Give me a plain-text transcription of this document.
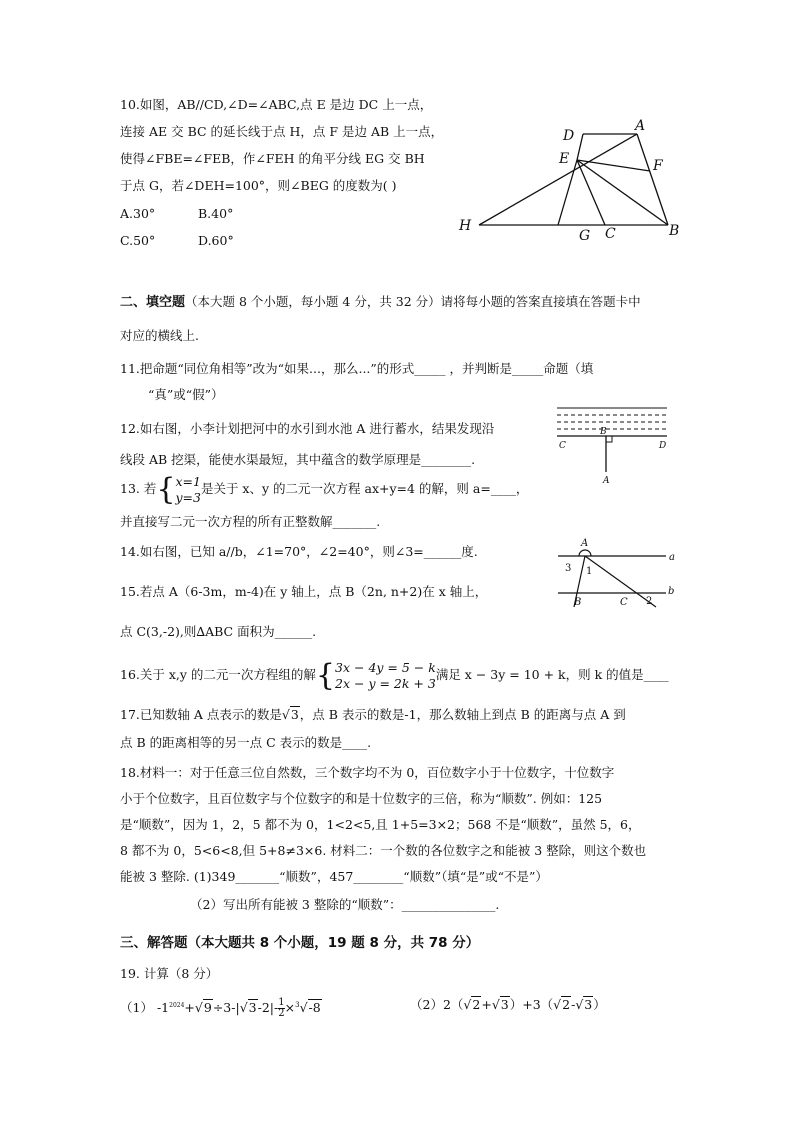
10.如图，AB//CD,∠D=∠ABC,点 E 是边 DC 上一点，
连接 AE 交 BC 的延长线于点 H，点 F 是边 AB 上一点，
使得∠FBE=∠FEB，作∠FEH 的角平分线 EG 交 BH
于点 G，若∠DEH=100°，则∠BEG 的度数为( )
A.30°	B.40°
C.50°	D.60°
D
A
E	F
H
G C	B
二、填空题（本大题 8 个小题，每小题 4 分，共 32 分）请将每小题的答案直接填在答题卡中
对应的横线上.
11.把命题“同位角相等”改为“如果...，那么...”的形式_____ ，并判断是_____命题（填
“真”或“假”）
12.如右图，小李计划把河中的水引到水池 A 进行蓄水，结果发现沿
线段 AB 挖渠，能使水渠最短，其中蕴含的数学原理是________.
C
B
D
A
13. 若{ x=1
y=3
是关于 x、y 的二元一次方程 ax+y=4 的解，则 a=____，
并直接写二元一次方程的所有正整数解_______.
14.如右图，已知 a//b，∠1=70°，∠2=40°，则∠3=______度.
A
a
3 1
b
B	C 2
15.若点 A（6-3m，m-4)在 y 轴上，点 B（2n, n+2)在 x 轴上，
点 C(3,-2),则∆ABC 面积为______.
16.关于 x,y 的二元一次方程组的解{ 3x − 4y = 5 − k
2x − y = 2k + 3
满足 x − 3y = 10 + k，则 k 的值是____
17.已知数轴 A 点表示的数是√3，点 B 表示的数是-1，那么数轴上到点 B 的距离与点 A 到
点 B 的距离相等的另一点 C 表示的数是____.
18.材料一：对于任意三位自然数，三个数字均不为 0，百位数字小于十位数字，十位数字
小于个位数字，且百位数字与个位数字的和是十位数字的三倍，称为“顺数”. 例如：125
是“顺数”，因为 1，2，5 都不为 0，1<2<5,且 1+5=3×2；568 不是“顺数”，虽然 5，6，
8 都不为 0，5<6<8,但 5+8≠3×6. 材料二：一个数的各位数字之和能被 3 整除，则这个数也
能被 3 整除. (1)349_______“顺数”，457________“顺数”（填“是”或“不是”）
（2）写出所有能被 3 整除的“顺数”：_______________.
三、解答题（本大题共 8 个小题，19 题 8 分，共 78 分）
19. 计算（8 分）
（1） $-1^{2024}+√9\div 3-|√3-2|- \frac{1}{2} \times^3√-8$	（2）2（√2+√3）+3（√2-√3）
